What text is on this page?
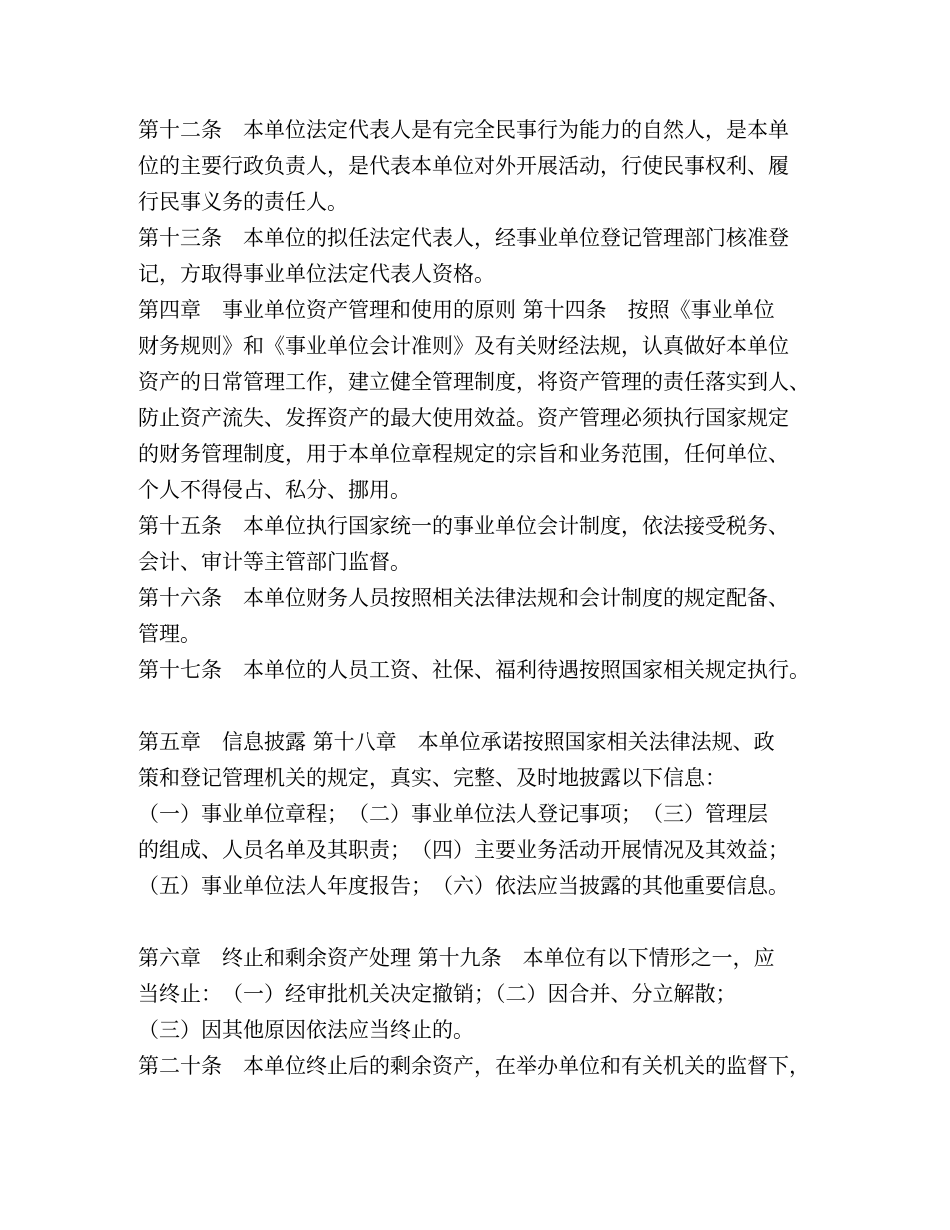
第十二条　本单位法定代表人是有完全民事行为能力的自然人，是本单

位的主要行政负责人，是代表本单位对外开展活动，行使民事权利、履

行民事义务的责任人。

第十三条　本单位的拟任法定代表人，经事业单位登记管理部门核准登

记，方取得事业单位法定代表人资格。

第四章　事业单位资产管理和使用的原则 第十四条　按照《事业单位

财务规则》和《事业单位会计准则》及有关财经法规，认真做好本单位

资产的日常管理工作，建立健全管理制度，将资产管理的责任落实到人、

防止资产流失、发挥资产的最大使用效益。资产管理必须执行国家规定

的财务管理制度，用于本单位章程规定的宗旨和业务范围，任何单位、

个人不得侵占、私分、挪用。

第十五条　本单位执行国家统一的事业单位会计制度，依法接受税务、

会计、审计等主管部门监督。

第十六条　本单位财务人员按照相关法律法规和会计制度的规定配备、

管理。

第十七条　本单位的人员工资、社保、福利待遇按照国家相关规定执行。

第五章　信息披露 第十八章　本单位承诺按照国家相关法律法规、政

策和登记管理机关的规定，真实、完整、及时地披露以下信息：

（一）事业单位章程；　（二）事业单位法人登记事项；　（三）管理层

的组成、人员名单及其职责；　（四）主要业务活动开展情况及其效益；

（五）事业单位法人年度报告；　（六）依法应当披露的其他重要信息。

第六章　终止和剩余资产处理 第十九条　本单位有以下情形之一，应

当终止：　（一）经审批机关决定撤销；（二）因合并、分立解散；

（三）因其他原因依法应当终止的。

第二十条　本单位终止后的剩余资产，在举办单位和有关机关的监督下，
